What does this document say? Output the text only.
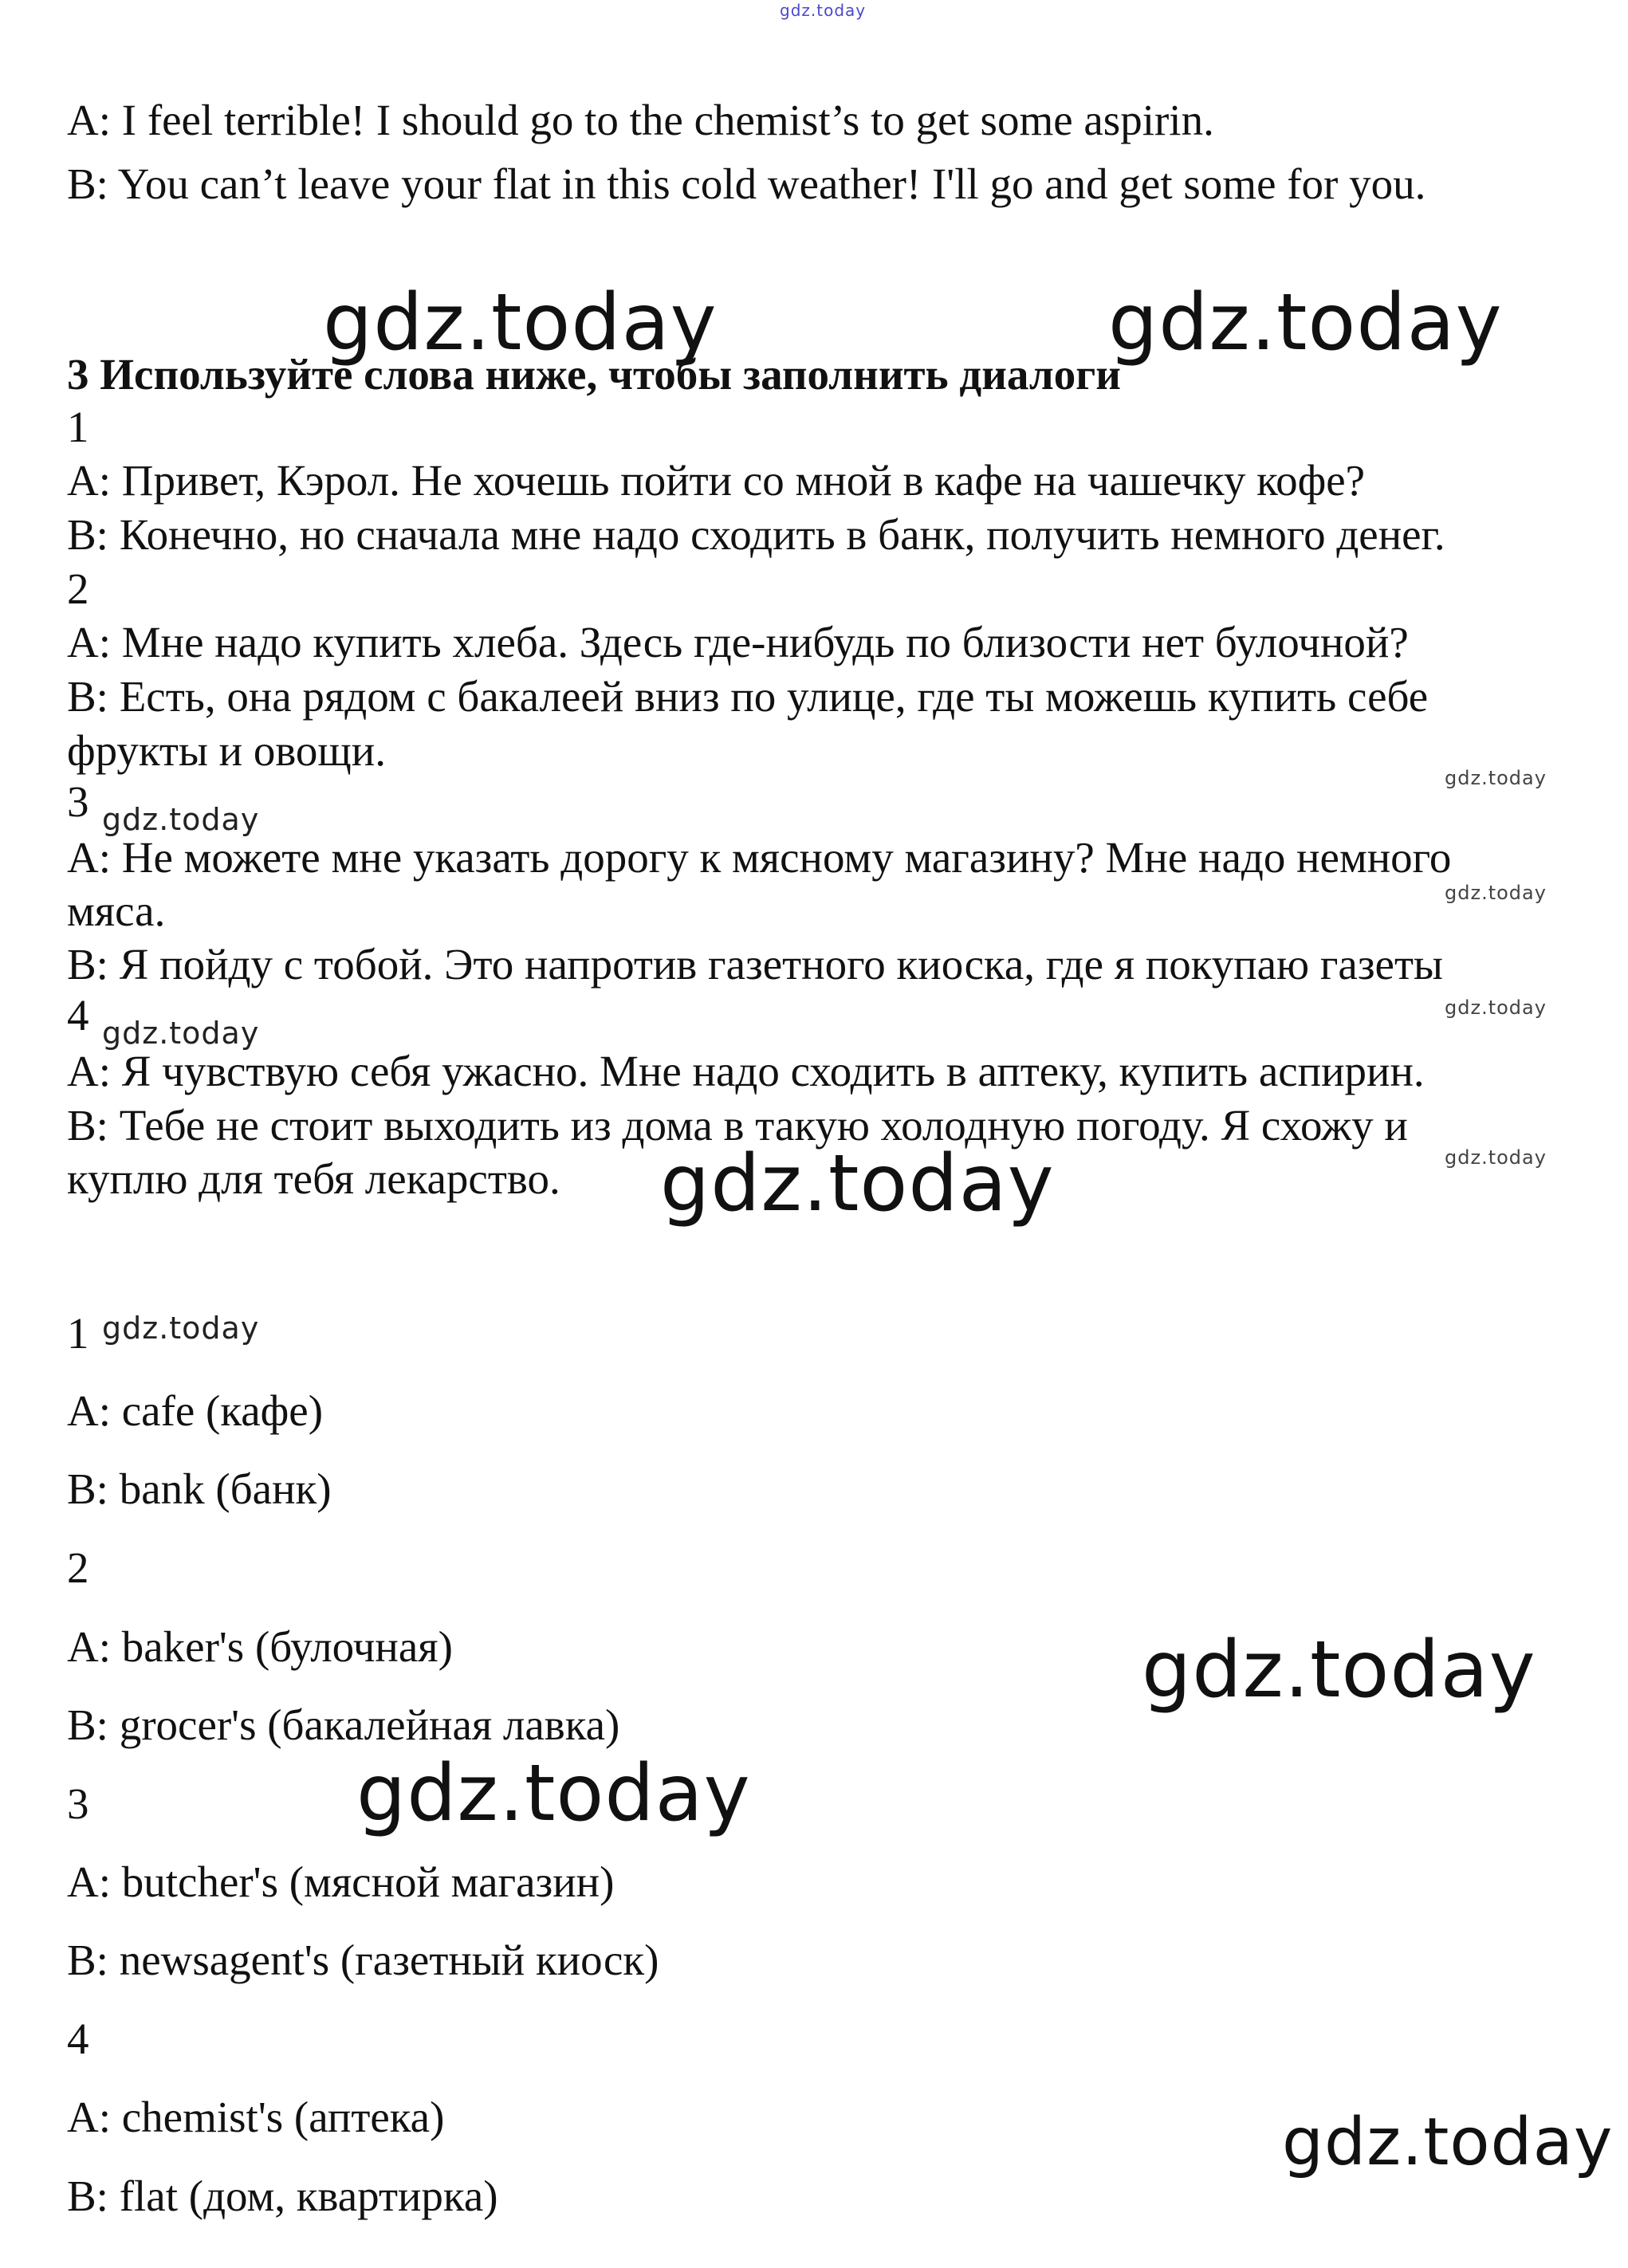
gdz.today
A: I feel terrible! I should go to the chemist’s to get some aspirin.
B: You can’t leave your flat in this cold weather! I'll go and get some for you.
gdz.today	gdz.today
3 Используйте слова ниже, чтобы заполнить диалоги
1
A: Привет, Кэрол. Не хочешь пойти со мной в кафе на чашечку кофе?
B: Конечно, но сначала мне надо сходить в банк, получить немного денег.
2
A: Мне надо купить хлеба. Здесь где-нибудь по близости нет булочной?
B: Есть, она рядом с бакалеей вниз по улице, где ты можешь купить себе
фрукты и овощи.
gdz.today
3 gdz.today
A: Не можете мне указать дорогу к мясному магазину? Мне надо немного
мяса.	gdz.today
B: Я пойду с тобой. Это напротив газетного киоска, где я покупаю газеты
gdz.today
4 gdz.today
A: Я чувствую себя ужасно. Мне надо сходить в аптеку, купить аспирин.
B: Тебе не стоит выходить из дома в такую холодную погоду. Я схожу и
gdz.today
куплю для тебя лекарство. gdz.today
1 gdz.today
A: cafe (кафе)
B: bank (банк)
2
A: baker's (булочная)	gdz.today
B: grocer's (бакалейная лавка)
gdz.today
3
A: butcher's (мясной магазин)
B: newsagent's (газетный киоск)
4
A: chemist's (аптека)	gdz.today
B: flat (дом, квартирка)
